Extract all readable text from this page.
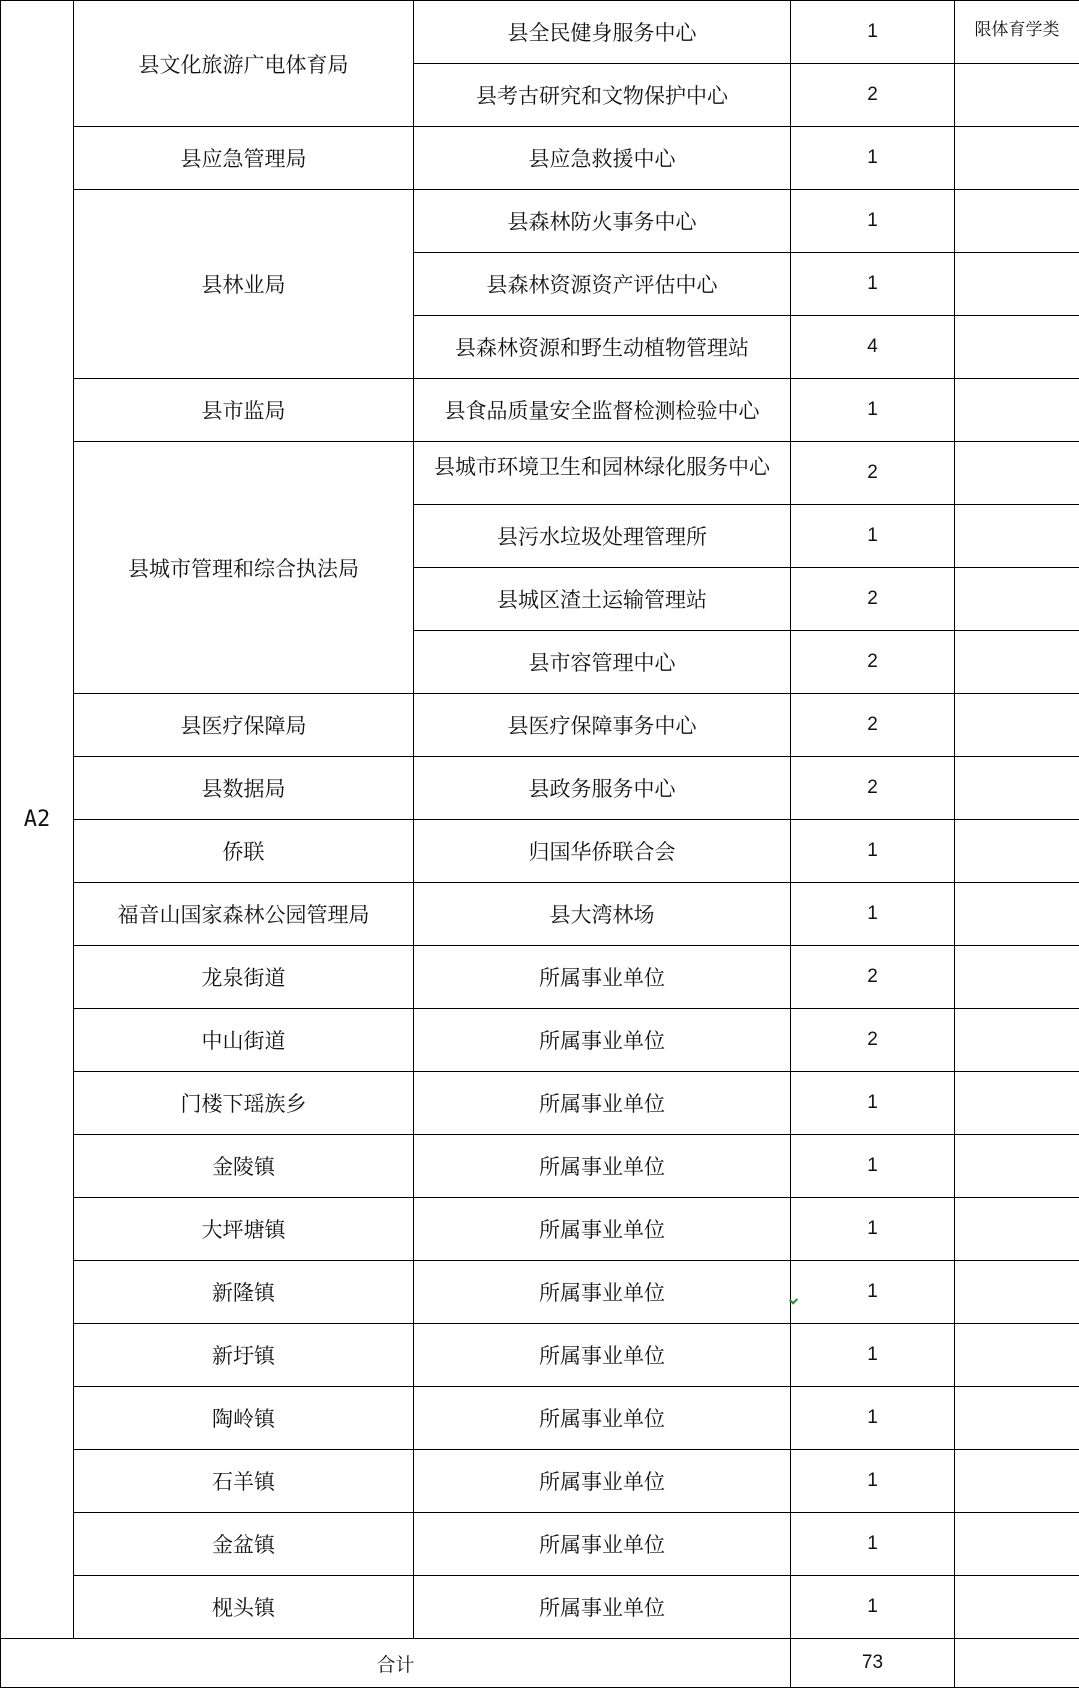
A2	县文化旅游广电体育局	县全民健身服务中心	1	限体育学类
		县考古研究和文物保护中心	2	
	县应急管理局	县应急救援中心	1	
	县林业局	县森林防火事务中心	1	
		县森林资源资产评估中心	1	
		县森林资源和野生动植物管理站	4	
	县市监局	县食品质量安全监督检测检验中心	1	
	县城市管理和综合执法局	县城市环境卫生和园林绿化服务中心	2	
		县污水垃圾处理管理所	1	
		县城区渣土运输管理站	2	
		县市容管理中心	2	
	县医疗保障局	县医疗保障事务中心	2	
	县数据局	县政务服务中心	2	
	侨联	归国华侨联合会	1	
	福音山国家森林公园管理局	县大湾林场	1	
	龙泉街道	所属事业单位	2	
	中山街道	所属事业单位	2	
	门楼下瑶族乡	所属事业单位	1	
	金陵镇	所属事业单位	1	
	大坪塘镇	所属事业单位	1	
	新隆镇	所属事业单位	1	
	新圩镇	所属事业单位	1	
	陶岭镇	所属事业单位	1	
	石羊镇	所属事业单位	1	
	金盆镇	所属事业单位	1	
	枧头镇	所属事业单位	1	
合计			73	
